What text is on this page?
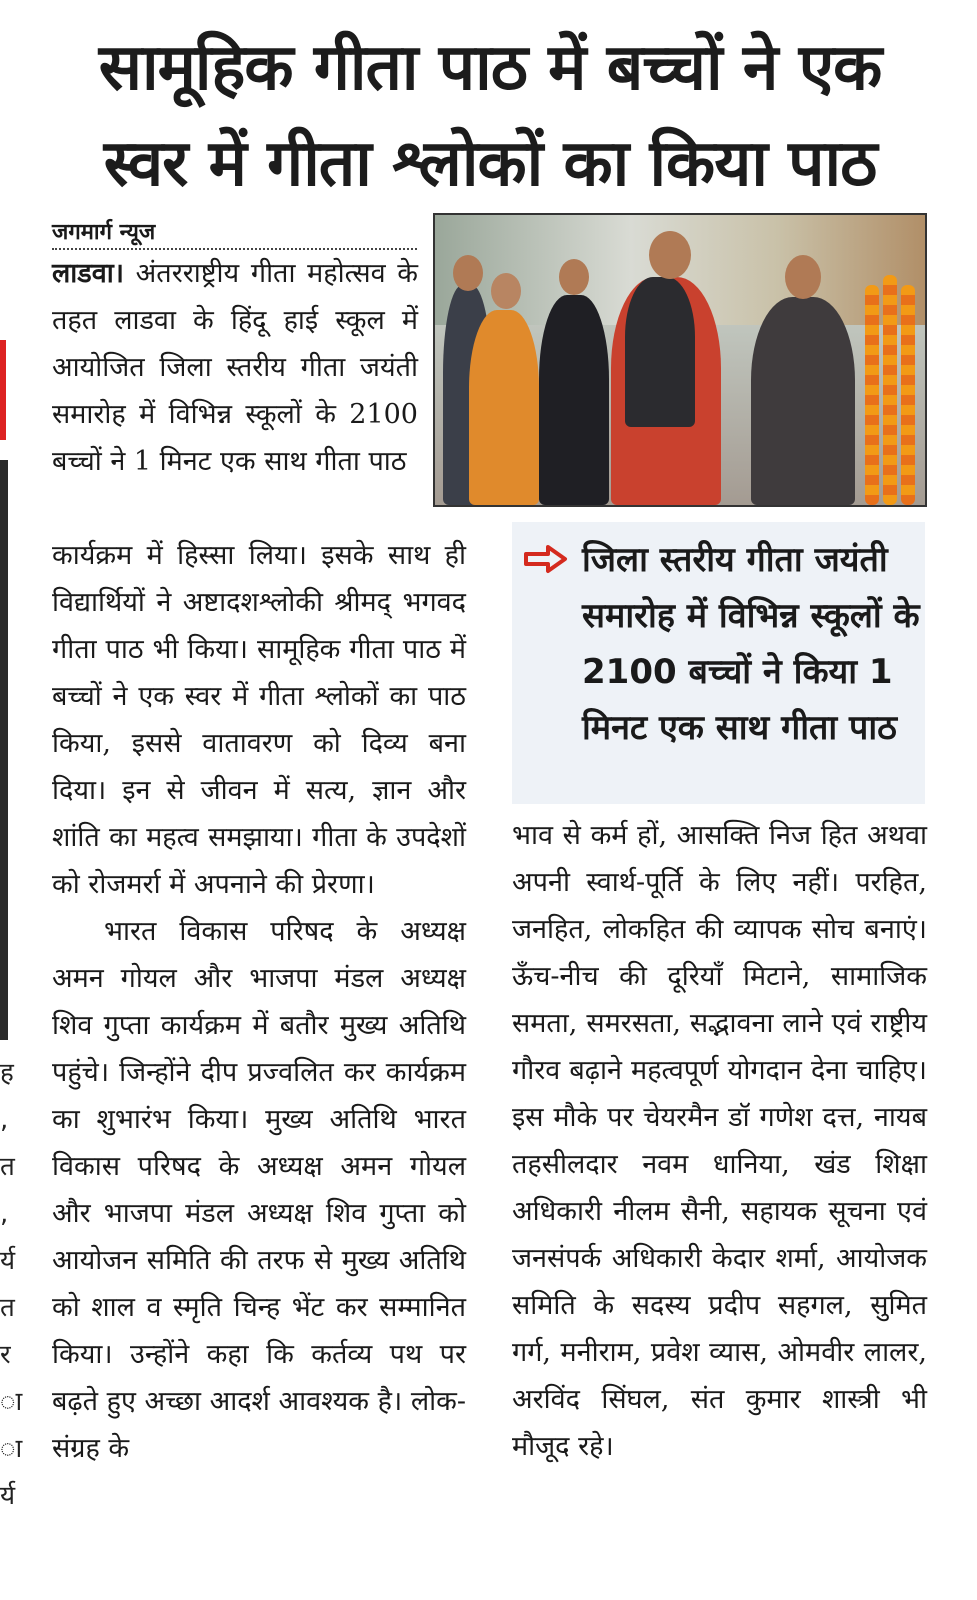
सामूहिक गीता पाठ में बच्चों ने एक
स्वर में गीता श्लोकों का किया पाठ
ह
,
त
,
र्य
त
र
ा
ा
र्य
जगमार्ग न्यूज

लाडवा। अंतरराष्ट्रीय गीता महोत्सव के तहत लाडवा के हिंदू हाई स्कूल में आयोजित जिला स्तरीय गीता जयंती समारोह में विभिन्न स्कूलों के 2100 बच्चों ने 1 मिनट एक साथ गीता पाठ

कार्यक्रम में हिस्सा लिया। इसके साथ ही विद्यार्थियों ने अष्टादशश्लोकी श्रीमद् भगवद गीता पाठ भी किया। सामूहिक गीता पाठ में बच्चों ने एक स्वर में गीता श्लोकों का पाठ किया, इससे वातावरण को दिव्य बना दिया। इन से जीवन में सत्य, ज्ञान और शांति का महत्व समझाया। गीता के उपदेशों को रोजमर्रा में अपनाने की प्रेरणा।

भारत विकास परिषद के अध्यक्ष अमन गोयल और भाजपा मंडल अध्यक्ष शिव गुप्ता कार्यक्रम में बतौर मुख्य अतिथि पहुंचे। जिन्होंने दीप प्रज्वलित कर कार्यक्रम का शुभारंभ किया। मुख्य अतिथि भारत विकास परिषद के अध्यक्ष अमन गोयल और भाजपा मंडल अध्यक्ष शिव गुप्ता को आयोजन समिति की तरफ से मुख्य अतिथि को शाल व स्मृति चिन्ह भेंट कर सम्मानित किया। उन्होंने कहा कि कर्तव्य पथ पर बढ़ते हुए अच्छा आदर्श आवश्यक है। लोक-संग्रह के

जिला स्तरीय गीता जयंती समारोह में विभिन्न स्कूलों के 2100 बच्चों ने किया 1 मिनट एक साथ गीता पाठ

भाव से कर्म हों, आसक्ति निज हित अथवा अपनी स्वार्थ-पूर्ति के लिए नहीं। परहित, जनहित, लोकहित की व्यापक सोच बनाएं। ऊँच-नीच की दूरियाँ मिटाने, सामाजिक समता, समरसता, सद्भावना लाने एवं राष्ट्रीय गौरव बढ़ाने महत्वपूर्ण योगदान देना चाहिए। इस मौके पर चेयरमैन डॉ गणेश दत्त, नायब तहसीलदार नवम धानिया, खंड शिक्षा अधिकारी नीलम सैनी, सहायक सूचना एवं जनसंपर्क अधिकारी केदार शर्मा, आयोजक समिति के सदस्य प्रदीप सहगल, सुमित गर्ग, मनीराम, प्रवेश व्यास, ओमवीर लालर, अरविंद सिंघल, संत कुमार शास्त्री भी मौजूद रहे।
